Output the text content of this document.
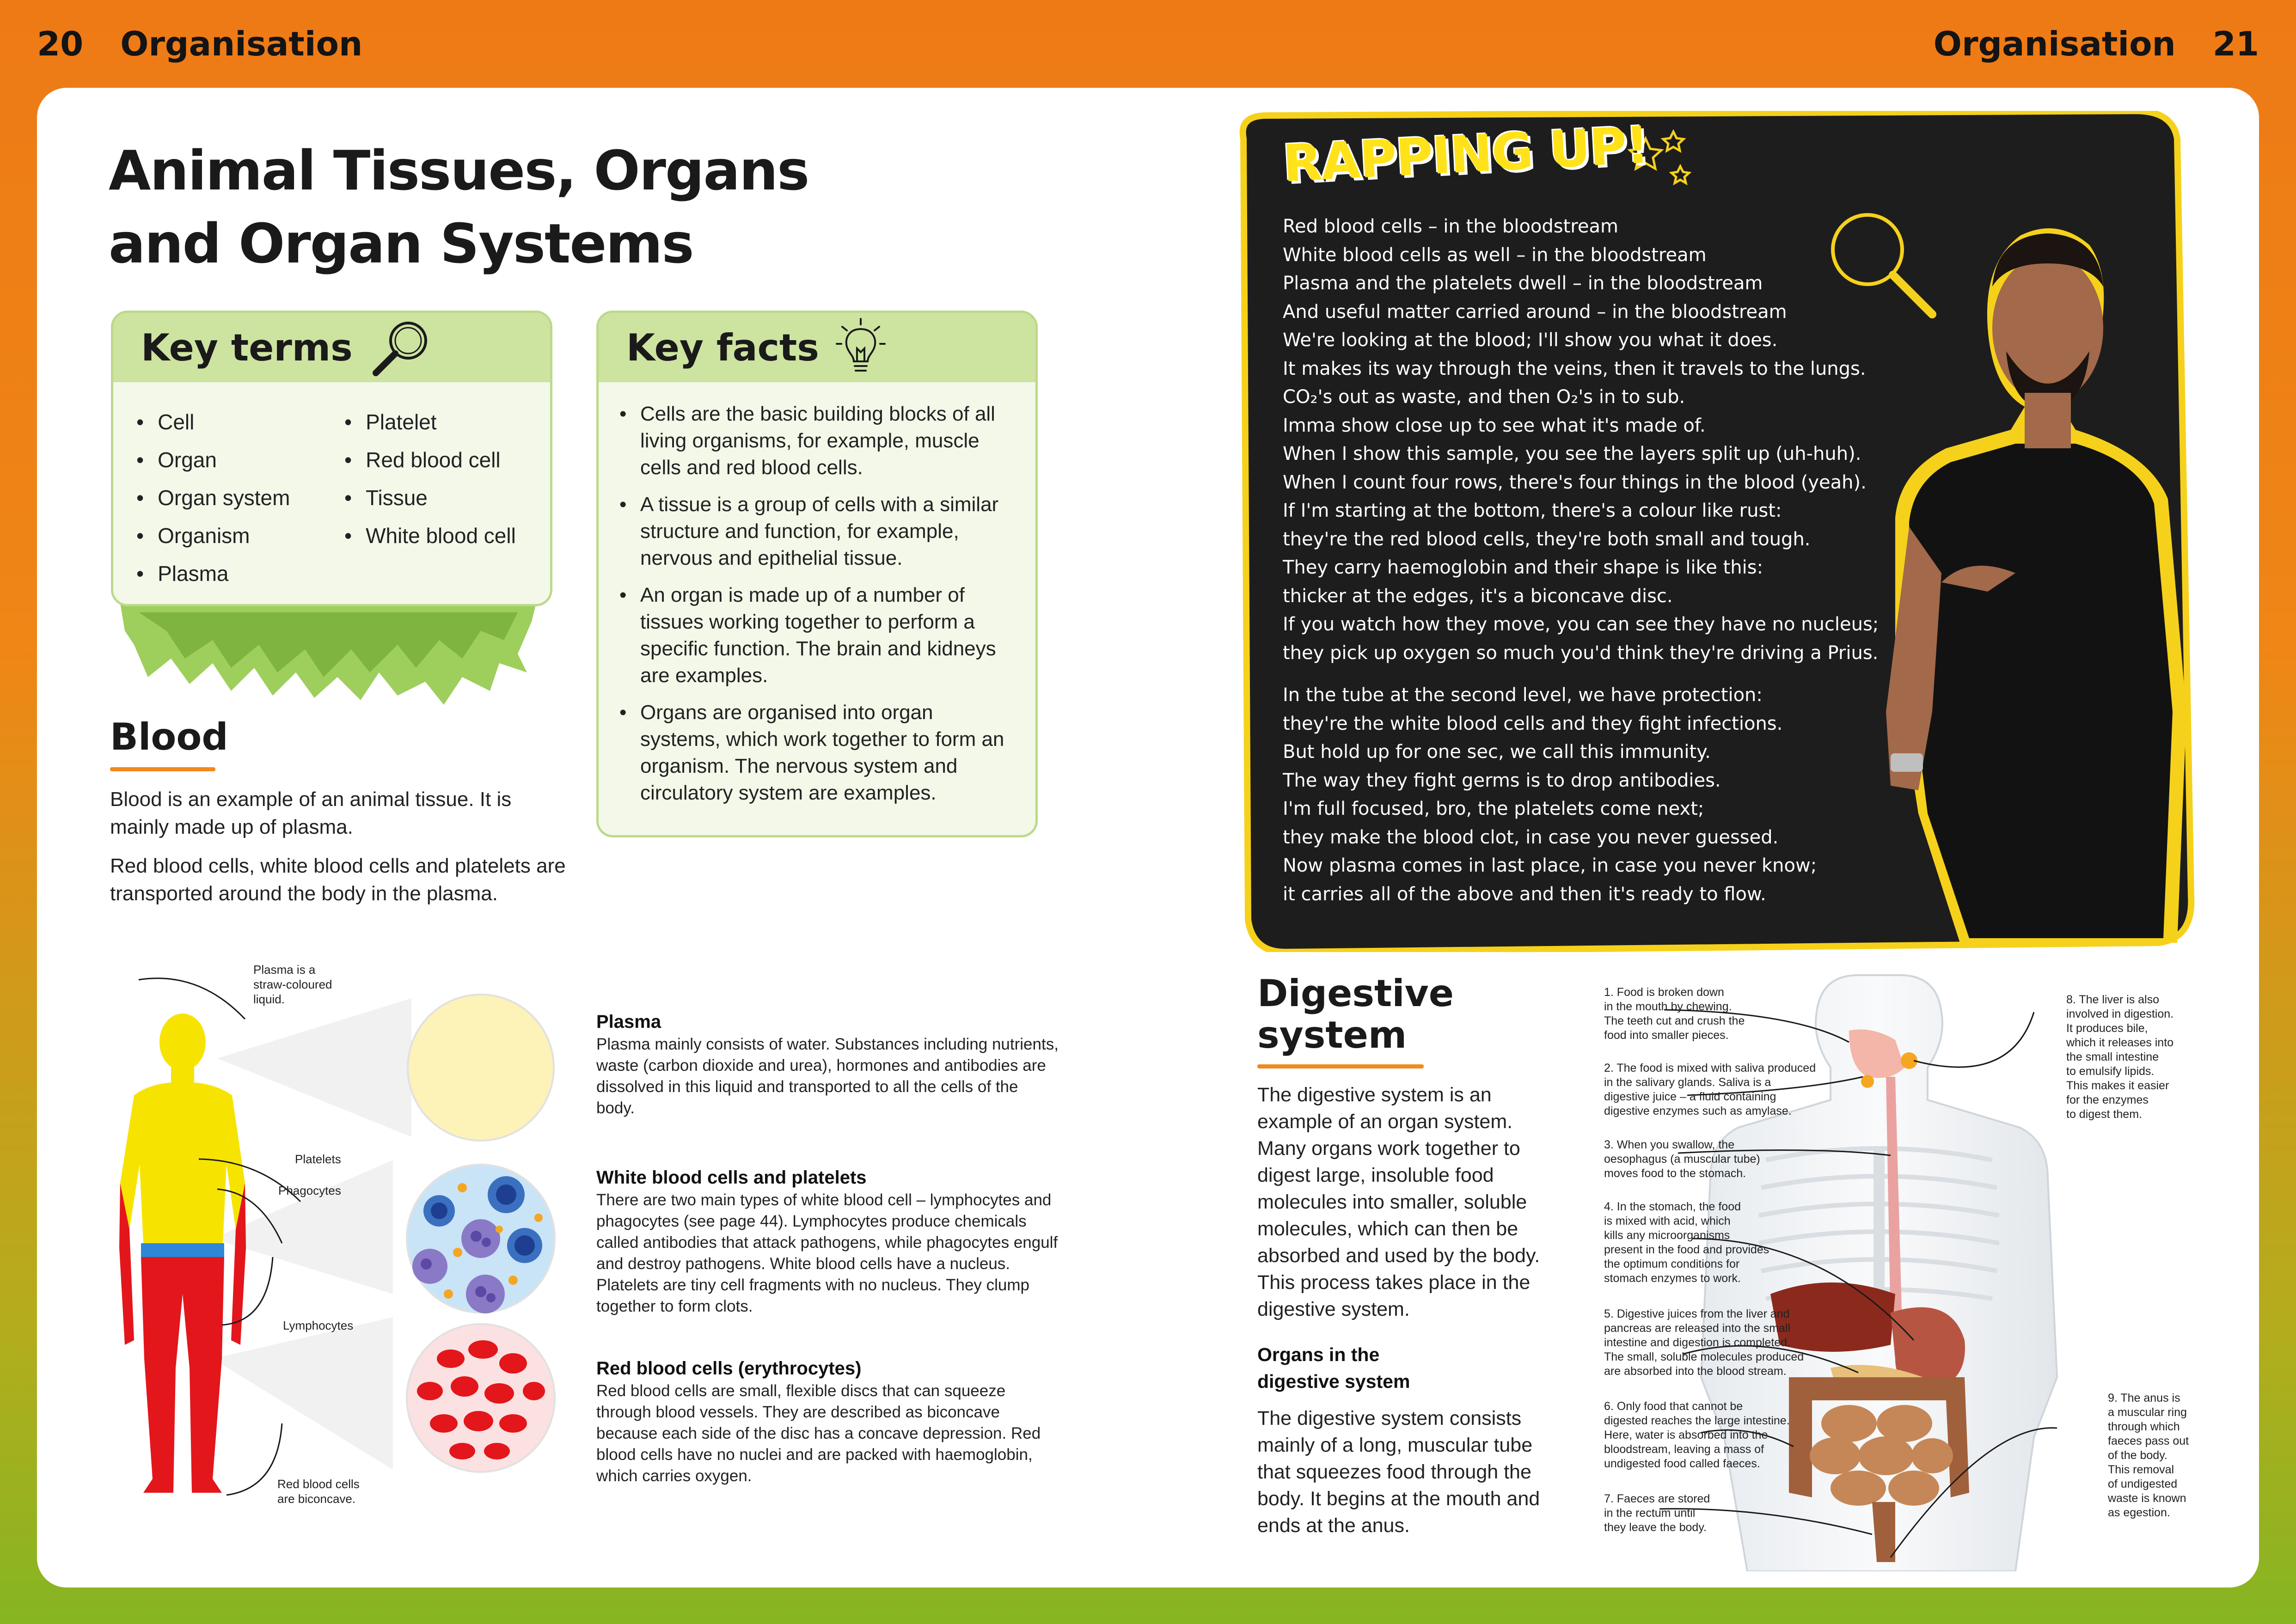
20 Organisation	Organisation 21
Animal Tissues, Organs
and Organ Systems
Key terms
• Cell	• Platelet
• Organ	• Red blood cell
• Organ system	• Tissue
• Organism	• White blood cell
• Plasma
Key facts
• Cells are the basic building blocks of all living organisms, for example, muscle cells and red blood cells.
• A tissue is a group of cells with a similar structure and function, for example, nervous and epithelial tissue.
• An organ is made up of a number of tissues working together to perform a specific function. The brain and kidneys are examples.
• Organs are organised into organ systems, which work together to form an organism. The nervous system and circulatory system are examples.
Blood

Blood is an example of an animal tissue. It is mainly made up of plasma.

Red blood cells, white blood cells and platelets are transported around the body in the plasma.

Plasma is a
straw-coloured
liquid.
Platelets
Phagocytes
Lymphocytes
Red blood cells
are biconcave.
Plasma
Plasma mainly consists of water. Substances including nutrients, waste (carbon dioxide and urea), hormones and antibodies are dissolved in this liquid and transported to all the cells of the body.
White blood cells and platelets
There are two main types of white blood cell – lymphocytes and phagocytes (see page 44). Lymphocytes produce chemicals called antibodies that attack pathogens, while phagocytes engulf and destroy pathogens. White blood cells have a nucleus. Platelets are tiny cell fragments with no nucleus. They clump together to form clots.
Red blood cells (erythrocytes)
Red blood cells are small, flexible discs that can squeeze through blood vessels. They are described as biconcave because each side of the disc has a concave depression. Red blood cells have no nuclei and are packed with haemoglobin, which carries oxygen.
RAPPING UP!
Red blood cells – in the bloodstream
White blood cells as well – in the bloodstream
Plasma and the platelets dwell – in the bloodstream
And useful matter carried around – in the bloodstream
We're looking at the blood; I'll show you what it does.
It makes its way through the veins, then it travels to the lungs.
CO₂'s out as waste, and then O₂'s in to sub.
Imma show close up to see what it's made of.
When I show this sample, you see the layers split up (uh-huh).
When I count four rows, there's four things in the blood (yeah).
If I'm starting at the bottom, there's a colour like rust:
they're the red blood cells, they're both small and tough.
They carry haemoglobin and their shape is like this:
thicker at the edges, it's a biconcave disc.
If you watch how they move, you can see they have no nucleus;
they pick up oxygen so much you'd think they're driving a Prius.
In the tube at the second level, we have protection:
they're the white blood cells and they fight infections.
But hold up for one sec, we call this immunity.
The way they fight germs is to drop antibodies.
I'm full focused, bro, the platelets come next;
they make the blood clot, in case you never guessed.
Now plasma comes in last place, in case you never know;
it carries all of the above and then it's ready to flow.
Digestive
system
The digestive system is an example of an organ system. Many organs work together to digest large, insoluble food molecules into smaller, soluble molecules, which can then be absorbed and used by the body. This process takes place in the digestive system.
Organs in the
digestive system
The digestive system consists mainly of a long, muscular tube that squeezes food through the body. It begins at the mouth and ends at the anus.
1. Food is broken down
in the mouth by chewing.
The teeth cut and crush the
food into smaller pieces.
2. The food is mixed with saliva produced
in the salivary glands. Saliva is a
digestive juice – a fluid containing
digestive enzymes such as amylase.
3. When you swallow, the
oesophagus (a muscular tube)
moves food to the stomach.
4. In the stomach, the food
is mixed with acid, which
kills any microorganisms
present in the food and provides
the optimum conditions for
stomach enzymes to work.
5. Digestive juices from the liver and
pancreas are released into the small
intestine and digestion is completed.
The small, soluble molecules produced
are absorbed into the blood stream.
6. Only food that cannot be
digested reaches the large intestine.
Here, water is absorbed into the
bloodstream, leaving a mass of
undigested food called faeces.
7. Faeces are stored
in the rectum until
they leave the body.
8. The liver is also
involved in digestion.
It produces bile,
which it releases into
the small intestine
to emulsify lipids.
This makes it easier
for the enzymes
to digest them.
9. The anus is
a muscular ring
through which
faeces pass out
of the body.
This removal
of undigested
waste is known
as egestion.
